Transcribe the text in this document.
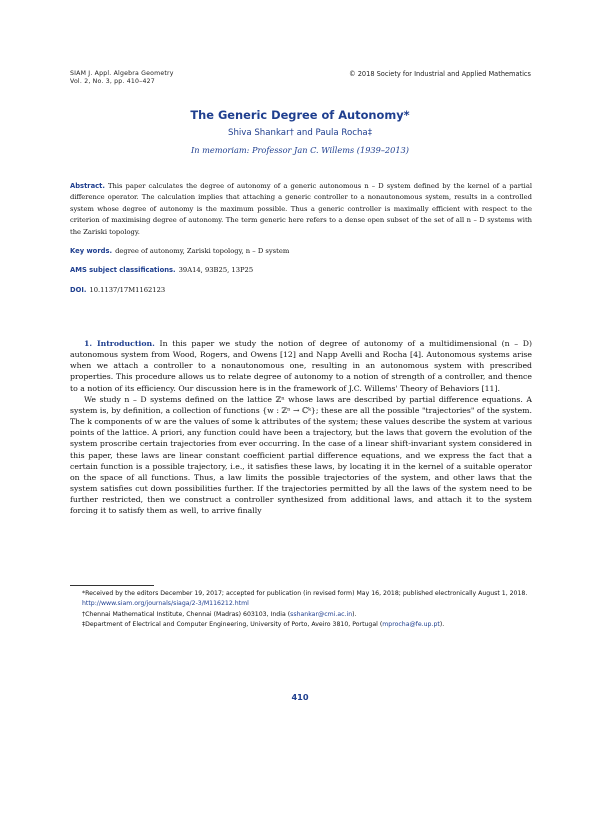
SIAM J. Appl. Algebra Geometry
Vol. 2, No. 3, pp. 410–427
© 2018 Society for Industrial and Applied Mathematics
The Generic Degree of Autonomy*
Shiva Shankar† and Paula Rocha‡
In memoriam: Professor Jan C. Willems (1939–2013)
Abstract. This paper calculates the degree of autonomy of a generic autonomous n – D system defined by the kernel of a partial difference operator. The calculation implies that attaching a generic controller to a nonautonomous system, results in a controlled system whose degree of autonomy is the maximum possible. Thus a generic controller is maximally efficient with respect to the criterion of maximising degree of autonomy. The term generic here refers to a dense open subset of the set of all n – D systems with the Zariski topology.
Key words. degree of autonomy, Zariski topology, n – D system
AMS subject classifications. 39A14, 93B25, 13P25
DOI. 10.1137/17M1162123

1. Introduction. In this paper we study the notion of degree of autonomy of a multidimensional (n – D) autonomous system from Wood, Rogers, and Owens [12] and Napp Avelli and Rocha [4]. Autonomous systems arise when we attach a controller to a nonautonomous one, resulting in an autonomous system with prescribed properties. This procedure allows us to relate degree of autonomy to a notion of strength of a controller, and thence to a notion of its efficiency. Our discussion here is in the framework of J.C. Willems' Theory of Behaviors [11].

We study n – D systems defined on the lattice ℤⁿ whose laws are described by partial difference equations. A system is, by definition, a collection of functions {w : ℤⁿ → ℂᵏ}; these are all the possible "trajectories" of the system. The k components of w are the values of some k attributes of the system; these values describe the system at various points of the lattice. A priori, any function could have been a trajectory, but the laws that govern the evolution of the system proscribe certain trajectories from ever occurring. In the case of a linear shift-invariant system considered in this paper, these laws are linear constant coefficient partial difference equations, and we express the fact that a certain function is a possible trajectory, i.e., it satisfies these laws, by locating it in the kernel of a suitable operator on the space of all functions. Thus, a law limits the possible trajectories of the system, and other laws that the system satisfies cut down possibilities further. If the trajectories permitted by all the laws of the system need to be further restricted, then we construct a controller synthesized from additional laws, and attach it to the system forcing it to satisfy them as well, to arrive finally

*Received by the editors December 19, 2017; accepted for publication (in revised form) May 16, 2018; published electronically August 1, 2018.

http://www.siam.org/journals/siaga/2-3/M116212.html

†Chennai Mathematical Institute, Chennai (Madras) 603103, India (sshankar@cmi.ac.in).

‡Department of Electrical and Computer Engineering, University of Porto, Aveiro 3810, Portugal (mprocha@fe.up.pt).

410
